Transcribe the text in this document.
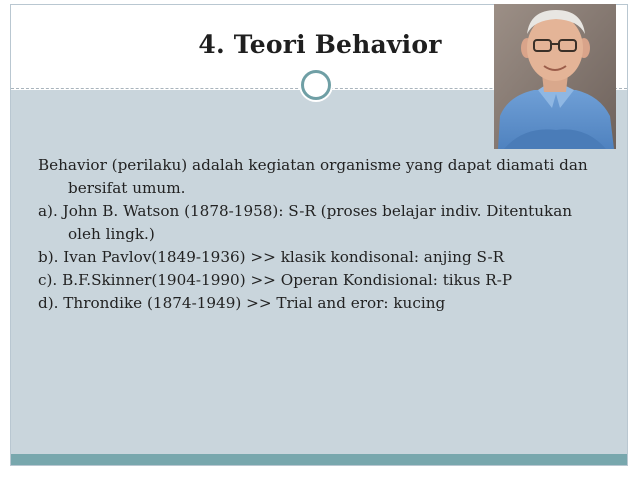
4. Teori Behavior

Behavior (perilaku) adalah kegiatan organisme yang dapat diamati dan bersifat umum.

a). John B. Watson (1878-1958): S-R (proses belajar indiv. Ditentukan oleh lingk.)

b). Ivan Pavlov(1849-1936) >> klasik kondisonal: anjing S-R

c). B.F.Skinner(1904-1990) >> Operan Kondisional: tikus R-P

d). Throndike (1874-1949) >> Trial and eror: kucing
